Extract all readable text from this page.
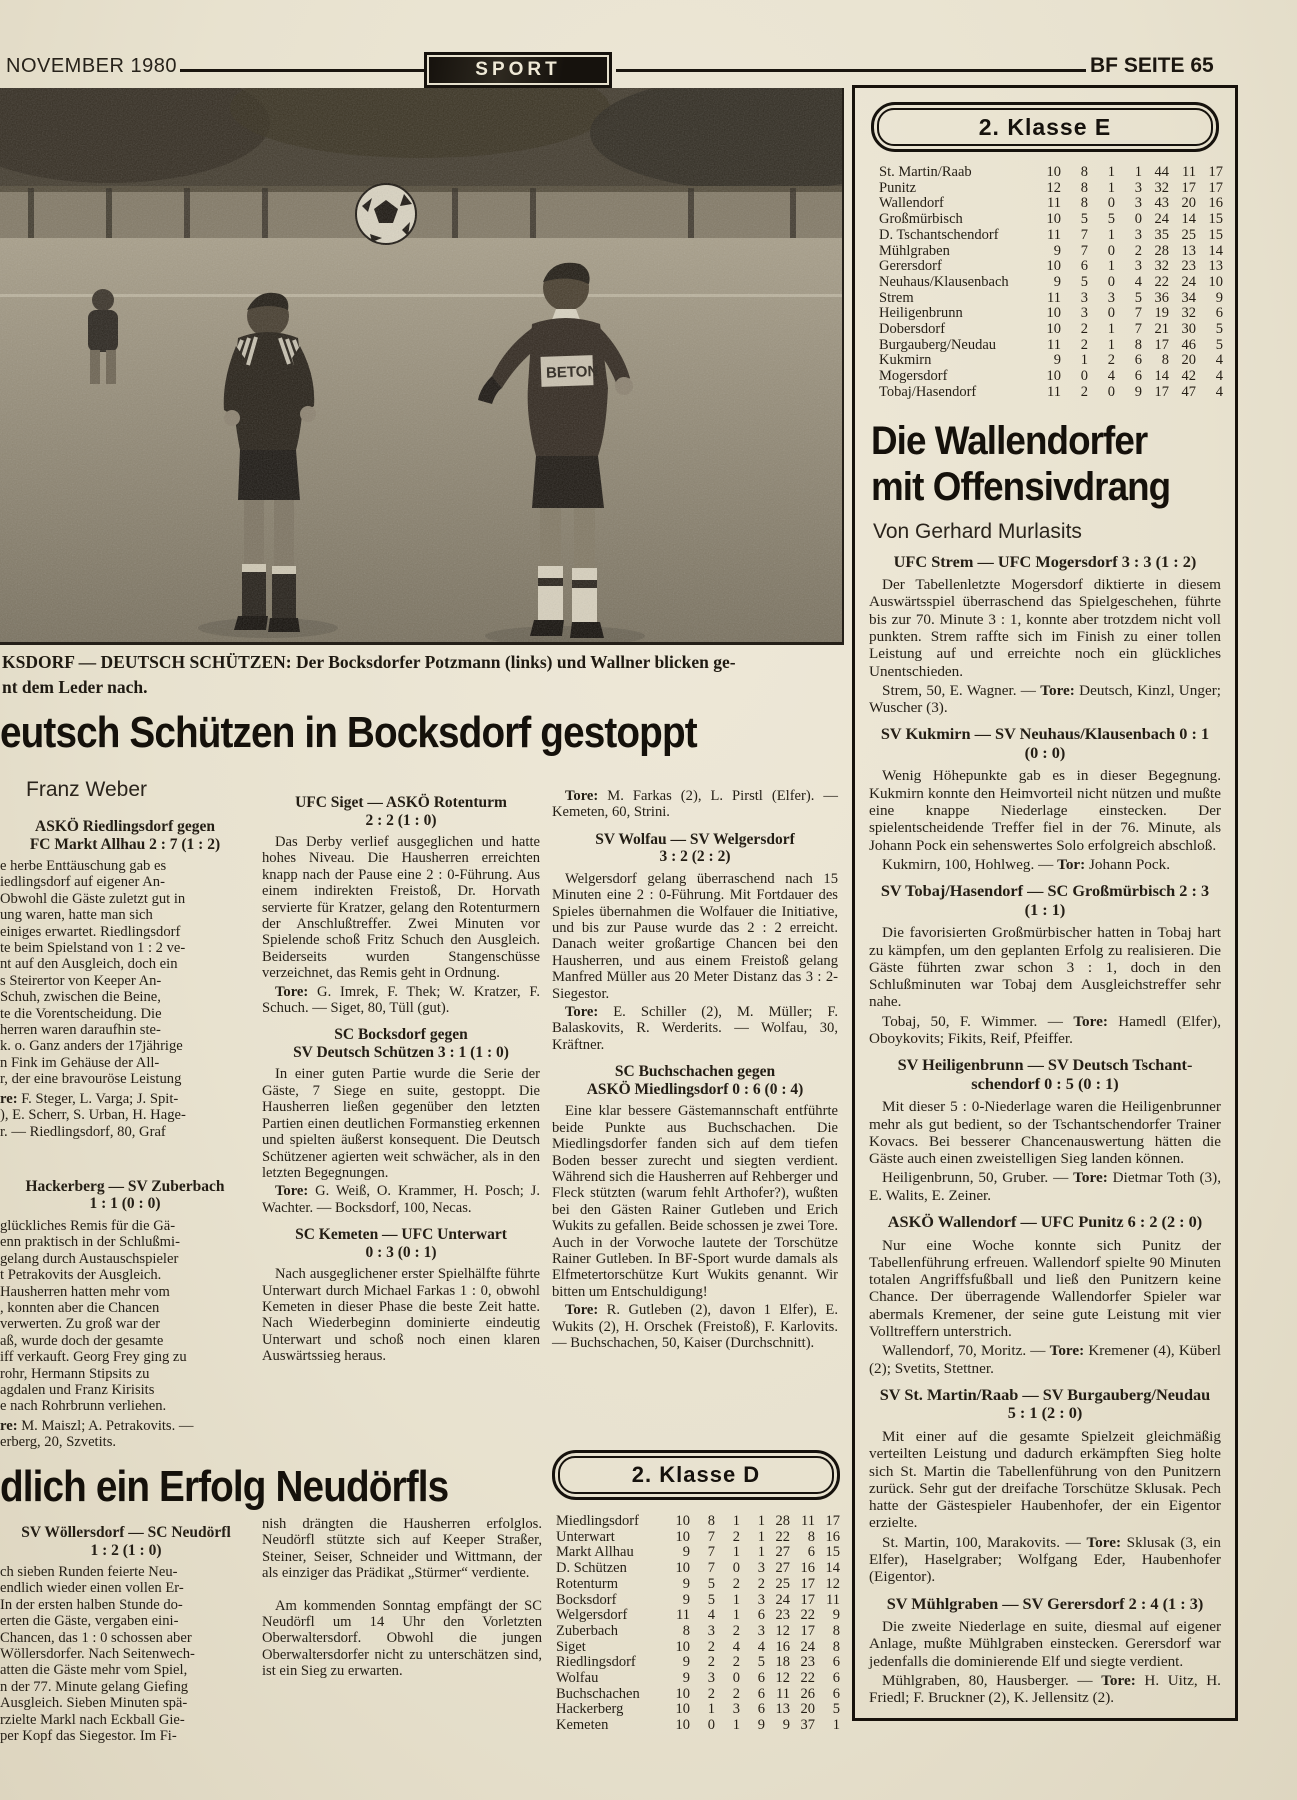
NOVEMBER 1980	SPORT	BF SEITE 65
KSDORF — DEUTSCH SCHÜTZEN: Der Bocksdorfer Potzmann (links) und Wallner blicken ge-
nt dem Leder nach.
eutsch Schützen in Bocksdorf gestoppt
Franz Weber
ASKÖ Riedlingsdorf gegen
FC Markt Allhau 2 : 7 (1 : 2)
e herbe Enttäuschung gab es
iedlingsdorf auf eigener An-
Obwohl die Gäste zuletzt gut in
ung waren, hatte man sich
einiges erwartet. Riedlingsdorf
te beim Spielstand von 1 : 2 ve-
nt auf den Ausgleich, doch ein
s Steirertor von Keeper An-
Schuh, zwischen die Beine,
te die Vorentscheidung. Die
herren waren daraufhin ste-
k. o. Ganz anders der 17jährige
n Fink im Gehäuse der All-
r, der eine bravouröse Leistung
re: F. Steger, L. Varga; J. Spit-
), E. Scherr, S. Urban, H. Hage-
r. — Riedlingsdorf, 80, Graf
Hackerberg — SV Zuberbach
1 : 1 (0 : 0)
glückliches Remis für die Gä-
enn praktisch in der Schlußmi-
gelang durch Austauschspieler
t Petrakovits der Ausgleich.
Hausherren hatten mehr vom
, konnten aber die Chancen
verwerten. Zu groß war der
aß, wurde doch der gesamte
iff verkauft. Georg Frey ging zu
rohr, Hermann Stipsits zu
agdalen und Franz Kirisits
e nach Rohrbrunn verliehen.
re: M. Maiszl; A. Petrakovits. —
erberg, 20, Szvetits.
UFC Siget — ASKÖ Rotenturm
2 : 2 (1 : 0)

Das Derby verlief ausgeglichen und hatte hohes Niveau. Die Hausherren erreichten knapp nach der Pause eine 2 : 0-Führung. Aus einem indirekten Freistoß, Dr. Horvath servierte für Kratzer, gelang den Rotenturmern der Anschlußtreffer. Zwei Minuten vor Spielende schoß Fritz Schuch den Ausgleich. Beiderseits wurden Stangenschüsse verzeichnet, das Remis geht in Ordnung.

Tore: G. Imrek, F. Thek; W. Kratzer, F. Schuch. — Siget, 80, Tüll (gut).

SC Bocksdorf gegen
SV Deutsch Schützen 3 : 1 (1 : 0)

In einer guten Partie wurde die Serie der Gäste, 7 Siege en suite, gestoppt. Die Hausherren ließen gegenüber den letzten Partien einen deutlichen Formanstieg erkennen und spielten äußerst konsequent. Die Deutsch Schützener agierten weit schwächer, als in den letzten Begegnungen.

Tore: G. Weiß, O. Krammer, H. Posch; J. Wachter. — Bocksdorf, 100, Necas.

SC Kemeten — UFC Unterwart
0 : 3 (0 : 1)

Nach ausgeglichener erster Spielhälfte führte Unterwart durch Michael Farkas 1 : 0, obwohl Kemeten in dieser Phase die beste Zeit hatte. Nach Wiederbeginn dominierte eindeutig Unterwart und schoß noch einen klaren Auswärtssieg heraus.

Tore: M. Farkas (2), L. Pirstl (Elfer). — Kemeten, 60, Strini.

SV Wolfau — SV Welgersdorf
3 : 2 (2 : 2)

Welgersdorf gelang überraschend nach 15 Minuten eine 2 : 0-Führung. Mit Fortdauer des Spieles übernahmen die Wolfauer die Initiative, und bis zur Pause wurde das 2 : 2 erreicht. Danach weiter großartige Chancen bei den Hausherren, und aus einem Freistoß gelang Manfred Müller aus 20 Meter Distanz das 3 : 2-Siegestor.

Tore: E. Schiller (2), M. Müller; F. Balaskovits, R. Werderits. — Wolfau, 30, Kräftner.

SC Buchschachen gegen
ASKÖ Miedlingsdorf 0 : 6 (0 : 4)

Eine klar bessere Gästemannschaft entführte beide Punkte aus Buchschachen. Die Miedlingsdorfer fanden sich auf dem tiefen Boden besser zurecht und siegten verdient. Während sich die Hausherren auf Rehberger und Fleck stützten (warum fehlt Arthofer?), wußten bei den Gästen Rainer Gutleben und Erich Wukits zu gefallen. Beide schossen je zwei Tore. Auch in der Vorwoche lautete der Torschütze Rainer Gutleben. In BF-Sport wurde damals als Elfmetertorschütze Kurt Wukits genannt. Wir bitten um Entschuldigung!

Tore: R. Gutleben (2), davon 1 Elfer), E. Wukits (2), H. Orschek (Freistoß), F. Karlovits. — Buchschachen, 50, Kaiser (Durchschnitt).

2. Klasse D
Miedlingsdorf	10	8	1	1 28 11 17
Unterwart	10	7	2	1 22	8 16
Markt Allhau	9	7	1	1 27	6 15
D. Schützen	10	7	0	3 27 16 14
Rotenturm	9	5	2	2 25 17 12
Bocksdorf	9	5	1	3 24 17 11
Welgersdorf	11	4	1	6 23 22	9
Zuberbach	8	3	2	3 12 17	8
Siget	10	2	4	4 16 24	8
Riedlingsdorf	9	2	2	5 18 23	6
Wolfau	9	3	0	6 12 22	6
Buchschachen	10	2	2	6 11 26	6
Hackerberg	10	1	3	6 13 20	5
Kemeten	10	0	1	9	9 37	1
dlich ein Erfolg Neudörfls
SV Wöllersdorf — SC Neudörfl
1 : 2 (1 : 0)
ch sieben Runden feierte Neu-
endlich wieder einen vollen Er-
In der ersten halben Stunde do-
erten die Gäste, vergaben eini-
Chancen, das 1 : 0 schossen aber
Wöllersdorfer. Nach Seitenwech-
atten die Gäste mehr vom Spiel,
n der 77. Minute gelang Giefing
Ausgleich. Sieben Minuten spä-
rzielte Markl nach Eckball Gie-
per Kopf das Siegestor. Im Fi-

nish drängten die Hausherren erfolglos. Neudörfl stützte sich auf Keeper Straßer, Steiner, Seiser, Schneider und Wittmann, der als einziger das Prädikat „Stürmer“ verdiente.

Am kommenden Sonntag empfängt der SC Neudörfl um 14 Uhr den Vorletzten Oberwaltersdorf. Obwohl die jungen Oberwaltersdorfer nicht zu unterschätzen sind, ist ein Sieg zu erwarten.

2. Klasse E
St. Martin/Raab	10	8	1	1 44 11 17
Punitz	12	8	1	3 32 17 17
Wallendorf	11	8	0	3 43 20 16
Großmürbisch	10	5	5	0 24 14 15
D. Tschantschendorf	11	7	1	3 35 25 15
Mühlgraben	9	7	0	2 28 13 14
Gerersdorf	10	6	1	3 32 23 13
Neuhaus/Klausenbach	9	5	0	4 22 24 10
Strem	11	3	3	5 36 34	9
Heiligenbrunn	10	3	0	7 19 32	6
Dobersdorf	10	2	1	7 21 30	5
Burgauberg/Neudau	11	2	1	8 17 46	5
Kukmirn	9	1	2	6	8 20	4
Mogersdorf	10	0	4	6 14 42	4
Tobaj/Hasendorf	11	2	0	9 17 47	4
Die Wallendorfer
mit Offensivdrang
Von Gerhard Murlasits
UFC Strem — UFC Mogersdorf 3 : 3 (1 : 2)

Der Tabellenletzte Mogersdorf diktierte in diesem Auswärtsspiel überraschend das Spielgeschehen, führte bis zur 70. Minute 3 : 1, konnte aber trotzdem nicht voll punkten. Strem raffte sich im Finish zu einer tollen Leistung auf und erreichte noch ein glückliches Unentschieden.

Strem, 50, E. Wagner. — Tore: Deutsch, Kinzl, Unger; Wuscher (3).

SV Kukmirn — SV Neuhaus/Klausenbach 0 : 1
(0 : 0)

Wenig Höhepunkte gab es in dieser Begegnung. Kukmirn konnte den Heimvorteil nicht nützen und mußte eine knappe Niederlage einstecken. Der spielentscheidende Treffer fiel in der 76. Minute, als Johann Pock ein sehenswertes Solo erfolgreich abschloß.

Kukmirn, 100, Hohlweg. — Tor: Johann Pock.

SV Tobaj/Hasendorf — SC Großmürbisch 2 : 3
(1 : 1)

Die favorisierten Großmürbischer hatten in Tobaj hart zu kämpfen, um den geplanten Erfolg zu realisieren. Die Gäste führten zwar schon 3 : 1, doch in den Schlußminuten war Tobaj dem Ausgleichstreffer sehr nahe.

Tobaj, 50, F. Wimmer. — Tore: Hamedl (Elfer), Oboykovits; Fikits, Reif, Pfeiffer.

SV Heiligenbrunn — SV Deutsch Tschant-
schendorf 0 : 5 (0 : 1)

Mit dieser 5 : 0-Niederlage waren die Heiligenbrunner mehr als gut bedient, so der Tschantschendorfer Trainer Kovacs. Bei besserer Chancenauswertung hätten die Gäste auch einen zweistelligen Sieg landen können.

Heiligenbrunn, 50, Gruber. — Tore: Dietmar Toth (3), E. Walits, E. Zeiner.

ASKÖ Wallendorf — UFC Punitz 6 : 2 (2 : 0)

Nur eine Woche konnte sich Punitz der Tabellenführung erfreuen. Wallendorf spielte 90 Minuten totalen Angriffsfußball und ließ den Punitzern keine Chance. Der überragende Wallendorfer Spieler war abermals Kremener, der seine gute Leistung mit vier Volltreffern unterstrich.

Wallendorf, 70, Moritz. — Tore: Kremener (4), Küberl (2); Svetits, Stettner.

SV St. Martin/Raab — SV Burgauberg/Neudau
5 : 1 (2 : 0)

Mit einer auf die gesamte Spielzeit gleichmäßig verteilten Leistung und dadurch erkämpften Sieg holte sich St. Martin die Tabellenführung von den Punitzern zurück. Sehr gut der dreifache Torschütze Sklusak. Pech hatte der Gästespieler Haubenhofer, der ein Eigentor erzielte.

St. Martin, 100, Marakovits. — Tore: Sklusak (3, ein Elfer), Haselgraber; Wolfgang Eder, Haubenhofer (Eigentor).

SV Mühlgraben — SV Gerersdorf 2 : 4 (1 : 3)

Die zweite Niederlage en suite, diesmal auf eigener Anlage, mußte Mühlgraben einstecken. Gerersdorf war jedenfalls die dominierende Elf und siegte verdient.

Mühlgraben, 80, Hausberger. — Tore: H. Uitz, H. Friedl; F. Bruckner (2), K. Jellensitz (2).
